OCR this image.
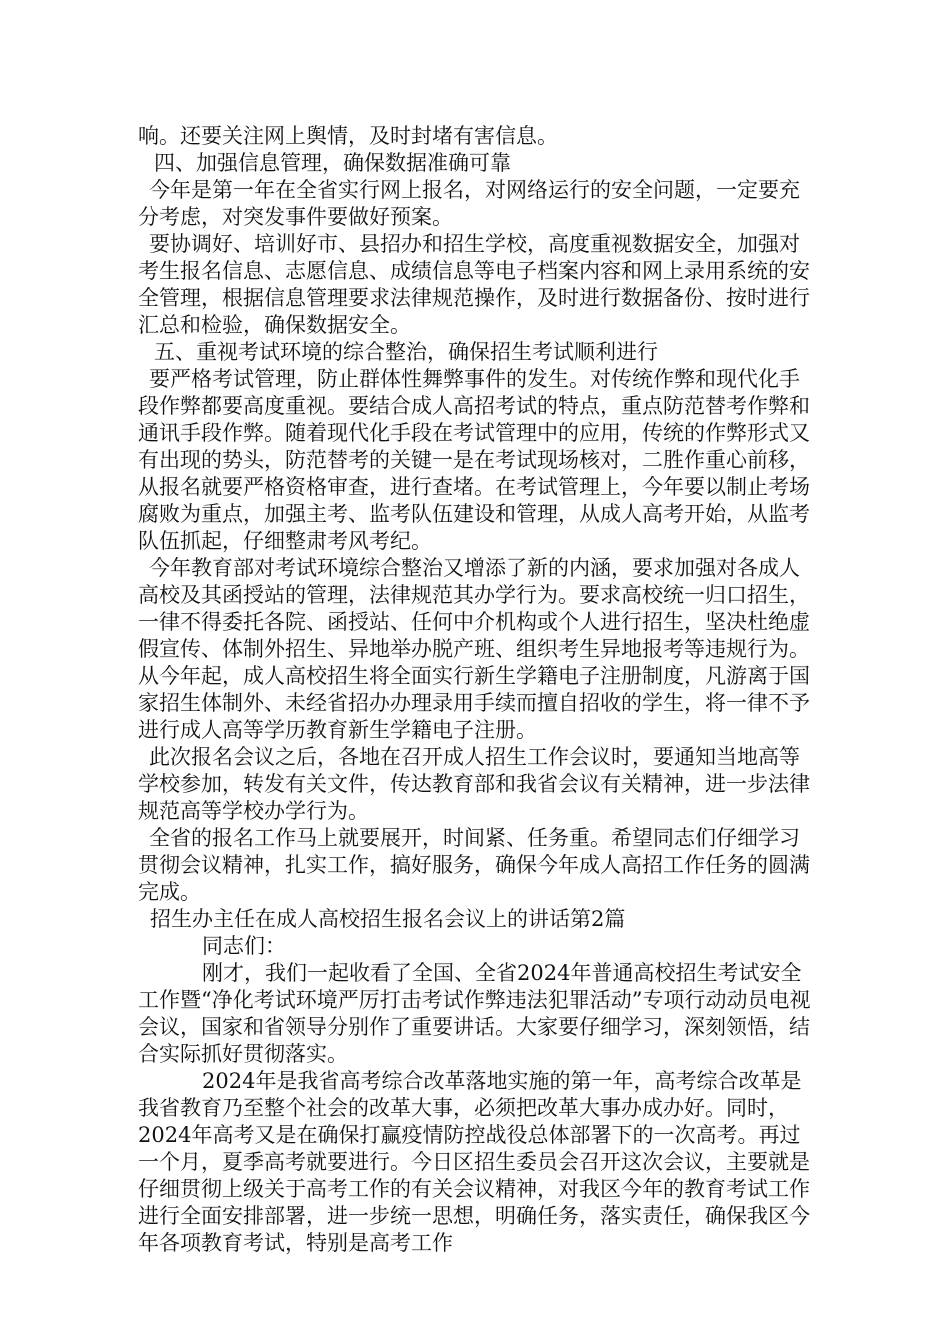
响。还要关注网上舆情，及时封堵有害信息。

四、加强信息管理，确保数据准确可靠

今年是第一年在全省实行网上报名，对网络运行的安全问题，一定要充分考虑，对突发事件要做好预案。

要协调好、培训好市、县招办和招生学校，高度重视数据安全，加强对考生报名信息、志愿信息、成绩信息等电子档案内容和网上录用系统的安全管理，根据信息管理要求法律规范操作，及时进行数据备份、按时进行汇总和检验，确保数据安全。

五、重视考试环境的综合整治，确保招生考试顺利进行

要严格考试管理，防止群体性舞弊事件的发生。对传统作弊和现代化手段作弊都要高度重视。要结合成人高招考试的特点，重点防范替考作弊和通讯手段作弊。随着现代化手段在考试管理中的应用，传统的作弊形式又有出现的势头，防范替考的关键一是在考试现场核对，二胜作重心前移，从报名就要严格资格审查，进行查堵。在考试管理上，今年要以制止考场腐败为重点，加强主考、监考队伍建设和管理，从成人高考开始，从监考队伍抓起，仔细整肃考风考纪。

今年教育部对考试环境综合整治又增添了新的内涵，要求加强对各成人高校及其函授站的管理，法律规范其办学行为。要求高校统一归口招生，一律不得委托各院、函授站、任何中介机构或个人进行招生，坚决杜绝虚假宣传、体制外招生、异地举办脱产班、组织考生异地报考等违规行为。从今年起，成人高校招生将全面实行新生学籍电子注册制度，凡游离于国家招生体制外、未经省招办办理录用手续而擅自招收的学生，将一律不予进行成人高等学历教育新生学籍电子注册。

此次报名会议之后，各地在召开成人招生工作会议时，要通知当地高等学校参加，转发有关文件，传达教育部和我省会议有关精神，进一步法律规范高等学校办学行为。

全省的报名工作马上就要展开，时间紧、任务重。希望同志们仔细学习贯彻会议精神，扎实工作，搞好服务，确保今年成人高招工作任务的圆满完成。

招生办主任在成人高校招生报名会议上的讲话第2篇

同志们：

刚才，我们一起收看了全国、全省2024年普通高校招生考试安全工作暨“净化考试环境严厉打击考试作弊违法犯罪活动”专项行动动员电视会议，国家和省领导分别作了重要讲话。大家要仔细学习，深刻领悟，结合实际抓好贯彻落实。

2024年是我省高考综合改革落地实施的第一年，高考综合改革是我省教育乃至整个社会的改革大事，必须把改革大事办成办好。同时，2024年高考又是在确保打赢疫情防控战役总体部署下的一次高考。再过一个月，夏季高考就要进行。今日区招生委员会召开这次会议，主要就是仔细贯彻上级关于高考工作的有关会议精神，对我区今年的教育考试工作进行全面安排部署，进一步统一思想，明确任务，落实责任，确保我区今年各项教育考试，特别是高考工作
